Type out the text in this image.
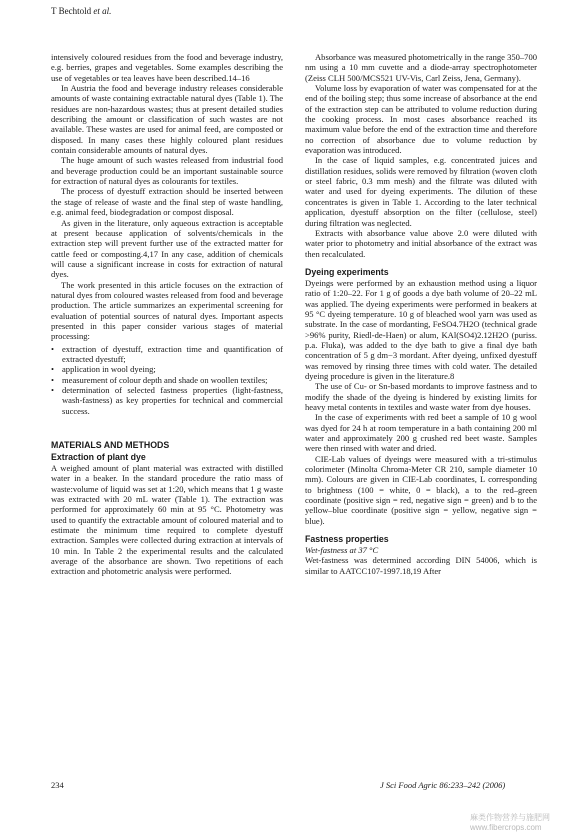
T Bechtold et al.

intensively coloured residues from the food and beverage industry, e.g. berries, grapes and vegetables. Some examples describing the use of vegetables or tea leaves have been described.14–16

In Austria the food and beverage industry releases considerable amounts of waste containing extractable natural dyes (Table 1). The residues are non-hazardous wastes; thus at present detailed studies describing the amount or classification of such wastes are not available. These wastes are used for animal feed, are composted or disposed. In many cases these highly coloured plant residues contain considerable amounts of natural dyes.

The huge amount of such wastes released from industrial food and beverage production could be an important sustainable source for extraction of natural dyes as colourants for textiles.

The process of dyestuff extraction should be inserted between the stage of release of waste and the final step of waste handling, e.g. animal feed, biodegradation or compost disposal.

As given in the literature, only aqueous extraction is acceptable at present because application of solvents/chemicals in the extraction step will prevent further use of the extracted matter for cattle feed or composting.4,17 In any case, addition of chemicals will cause a significant increase in costs for extraction of natural dyes.

The work presented in this article focuses on the extraction of natural dyes from coloured wastes released from food and beverage production. The article summarizes an experimental screening for evaluation of potential sources of natural dyes. Important aspects presented in this paper consider various stages of material processing:

• extraction of dyestuff, extraction time and quantification of extracted dyestuff;
• application in wool dyeing;
• measurement of colour depth and shade on woollen textiles;
• determination of selected fastness properties (light-fastness, wash-fastness) as key properties for technical and commercial success.
MATERIALS AND METHODS
Extraction of plant dye

A weighed amount of plant material was extracted with distilled water in a beaker. In the standard procedure the ratio mass of waste:volume of liquid was set at 1:20, which means that 1 g waste was extracted with 20 mL water (Table 1). The extraction was performed for approximately 60 min at 95 °C. Photometry was used to quantify the extractable amount of coloured material and to estimate the minimum time required to complete dyestuff extraction. Samples were collected during extraction at intervals of 10 min. In Table 2 the experimental results and the calculated average of the absorbance are shown. Two repetitions of each extraction and photometric analysis were performed.

Absorbance was measured photometrically in the range 350–700 nm using a 10 mm cuvette and a diode-array spectrophotometer (Zeiss CLH 500/MCS521 UV-Vis, Carl Zeiss, Jena, Germany).

Volume loss by evaporation of water was compensated for at the end of the boiling step; thus some increase of absorbance at the end of the extraction step can be attributed to volume reduction during the cooking process. In most cases absorbance reached its maximum value before the end of the extraction time and therefore no correction of absorbance due to volume reduction by evaporation was introduced.

In the case of liquid samples, e.g. concentrated juices and distillation residues, solids were removed by filtration (woven cloth or steel fabric, 0.3 mm mesh) and the filtrate was diluted with water and used for dyeing experiments. The dilution of these concentrates is given in Table 1. According to the later technical application, dyestuff absorption on the filter (cellulose, steel) during filtration was neglected.

Extracts with absorbance value above 2.0 were diluted with water prior to photometry and initial absorbance of the extract was then recalculated.

Dyeing experiments

Dyeings were performed by an exhaustion method using a liquor ratio of 1:20–22. For 1 g of goods a dye bath volume of 20–22 mL was applied. The dyeing experiments were performed in beakers at 95 °C dyeing temperature. 10 g of bleached wool yarn was used as substrate. In the case of mordanting, FeSO4.7H2O (technical grade >96% purity, Riedl-de-Haen) or alum, KAl(SO4)2.12H2O (puriss. p.a. Fluka), was added to the dye bath to give a final dye bath concentration of 5 g dm−3 mordant. After dyeing, unfixed dyestuff was removed by rinsing three times with cold water. The detailed dyeing procedure is given in the literature.8

The use of Cu- or Sn-based mordants to improve fastness and to modify the shade of the dyeing is hindered by existing limits for heavy metal contents in textiles and waste water from dye houses.

In the case of experiments with red beet a sample of 10 g wool was dyed for 24 h at room temperature in a bath containing 200 ml water and approximately 200 g crushed red beet waste. Samples were then rinsed with water and dried.

CIE-Lab values of dyeings were measured with a tri-stimulus colorimeter (Minolta Chroma-Meter CR 210, sample diameter 10 mm). Colours are given in CIE-Lab coordinates, L corresponding to brightness (100 = white, 0 = black), a to the red–green coordinate (positive sign = red, negative sign = green) and b to the yellow–blue coordinate (positive sign = yellow, negative sign = blue).

Fastness properties
Wet-fastness at 37 °C

Wet-fastness was determined according DIN 54006, which is similar to AATCC107-1997.18,19 After

234	J Sci Food Agric 86:233–242 (2006)
麻类作物营养与施肥网 www.fibercrops.com
